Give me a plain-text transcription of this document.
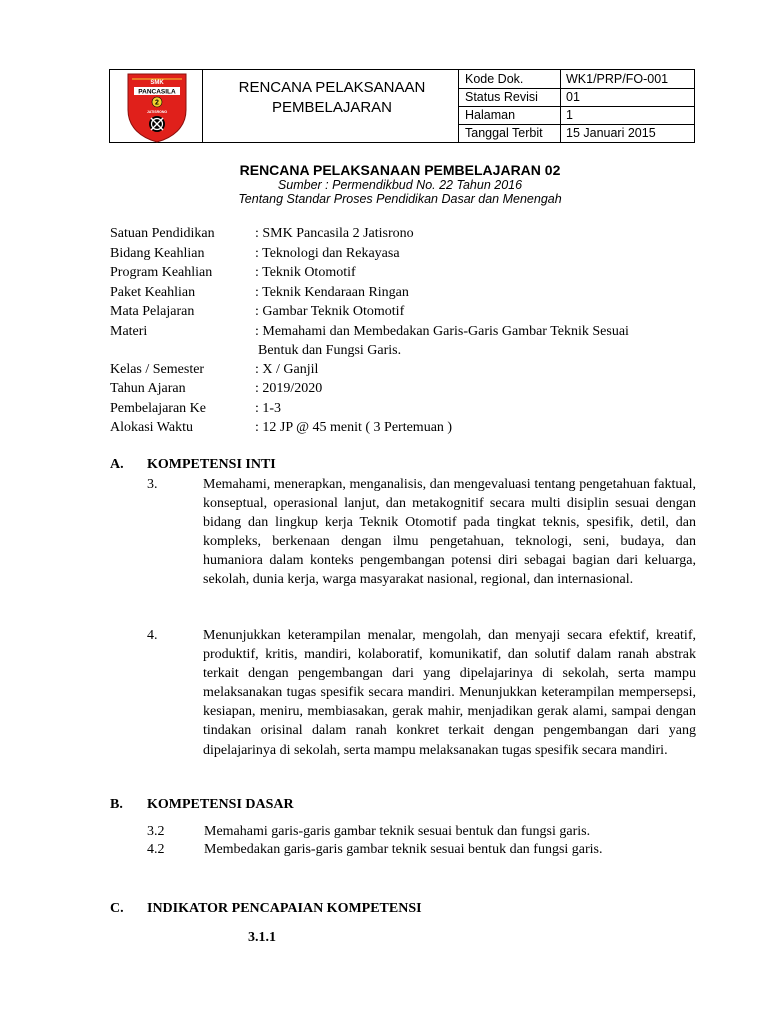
SMK
PANCASILA
2
JATISRONO
RENCANA PELAKSANAAN
PEMBELAJARAN
Kode Dok.	WK1/PRP/FO-001
Status Revisi 01
Halaman	1
Tanggal Terbit 15 Januari 2015
RENCANA PELAKSANAAN PEMBELAJARAN 02
Sumber : Permendikbud No. 22 Tahun 2016
Tentang Standar Proses Pendidikan Dasar dan Menengah
Satuan Pendidikan	: SMK Pancasila 2 Jatisrono
Bidang Keahlian	: Teknologi dan Rekayasa
Program Keahlian	: Teknik Otomotif
Paket Keahlian	: Teknik Kendaraan Ringan
Mata Pelajaran	: Gambar Teknik Otomotif
Materi	: Memahami dan Membedakan Garis-Garis Gambar Teknik Sesuai
Bentuk dan Fungsi Garis.
Kelas / Semester	: X / Ganjil
Tahun Ajaran	: 2019/2020
Pembelajaran Ke	: 1-3
Alokasi Waktu	: 12 JP @ 45 menit ( 3 Pertemuan )
A. KOMPETENSI INTI
3.	Memahami, menerapkan, menganalisis, dan mengevaluasi tentang pengetahuan faktual, konseptual, operasional lanjut, dan metakognitif secara multi disiplin sesuai dengan bidang dan lingkup kerja Teknik Otomotif pada tingkat teknis, spesifik, detil, dan kompleks, berkenaan dengan ilmu pengetahuan, teknologi, seni, budaya, dan humaniora dalam konteks pengembangan potensi diri sebagai bagian dari keluarga, sekolah, dunia kerja, warga masyarakat nasional, regional, dan internasional.
4.	Menunjukkan keterampilan menalar, mengolah, dan menyaji secara efektif, kreatif, produktif, kritis, mandiri, kolaboratif, komunikatif, dan solutif dalam ranah abstrak terkait dengan pengembangan dari yang dipelajarinya di sekolah, serta mampu melaksanakan tugas spesifik secara mandiri. Menunjukkan keterampilan mempersepsi, kesiapan, meniru, membiasakan, gerak mahir, menjadikan gerak alami, sampai dengan tindakan orisinal dalam ranah konkret terkait dengan pengembangan dari yang dipelajarinya di sekolah, serta mampu melaksanakan tugas spesifik secara mandiri.
B. KOMPETENSI DASAR
3.2	Memahami garis-garis gambar teknik sesuai bentuk dan fungsi garis.
4.2	Membedakan garis-garis gambar teknik sesuai bentuk dan fungsi garis.
C. INDIKATOR PENCAPAIAN KOMPETENSI
3.1.1
